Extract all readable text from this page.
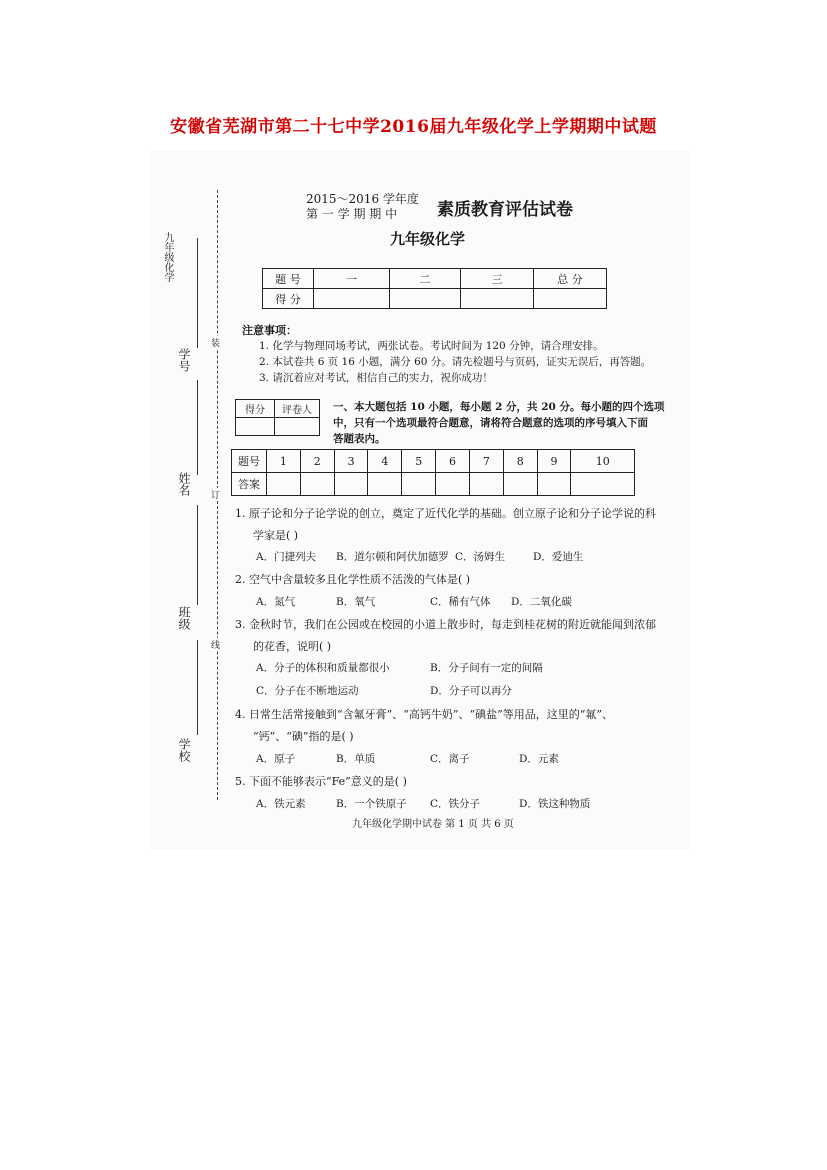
安徽省芜湖市第二十七中学2016届九年级化学上学期期中试题
九年级化学
学号
姓名
班级
学校
装
订
线
2015～2016 学年度
第 一 学 期 期 中 素质教育评估试卷
九年级化学
题 号	一	二	三	总 分
得 分				
注意事项：
1. 化学与物理同场考试，两张试卷。考试时间为 120 分钟，请合理安排。
2. 本试卷共 6 页 16 小题，满分 60 分。请先检题号与页码，证实无误后，再答题。
3. 请沉着应对考试，相信自己的实力，祝你成功！
得分	评卷人
	一、本大题包括 10 小题，每小题 2 分，共 20 分。每小题的四个选项
中，只有一个选项最符合题意，请将符合题意的选项的序号填入下面
答题表内。
题号	1	2	3	4	5	6	7	8	9	10
答案										
1. 原子论和分子论学说的创立，奠定了近代化学的基础。创立原子论和分子论学说的科
学家是( )
A．门捷列夫 B．道尔顿和阿伏加德罗 C．汤姆生	D．爱迪生
2. 空气中含量较多且化学性质不活泼的气体是( )
A．氮气	B．氧气	C．稀有气体 D．二氧化碳
3. 金秋时节，我们在公园或在校园的小道上散步时，每走到桂花树的附近就能闻到浓郁
的花香，说明( )
A．分子的体积和质量都很小	B．分子间有一定的间隔
C．分子在不断地运动	D．分子可以再分
4. 日常生活常接触到“含氟牙膏”、“高钙牛奶”、“碘盐”等用品，这里的“氟”、
“钙”、“碘”指的是( )
A．原子	B．单质	C．离子	D．元素
5. 下面不能够表示“Fe”意义的是( )
A．铁元素	B．一个铁原子 C．铁分子	D．铁这种物质
九年级化学期中试卷 第 1 页 共 6 页
